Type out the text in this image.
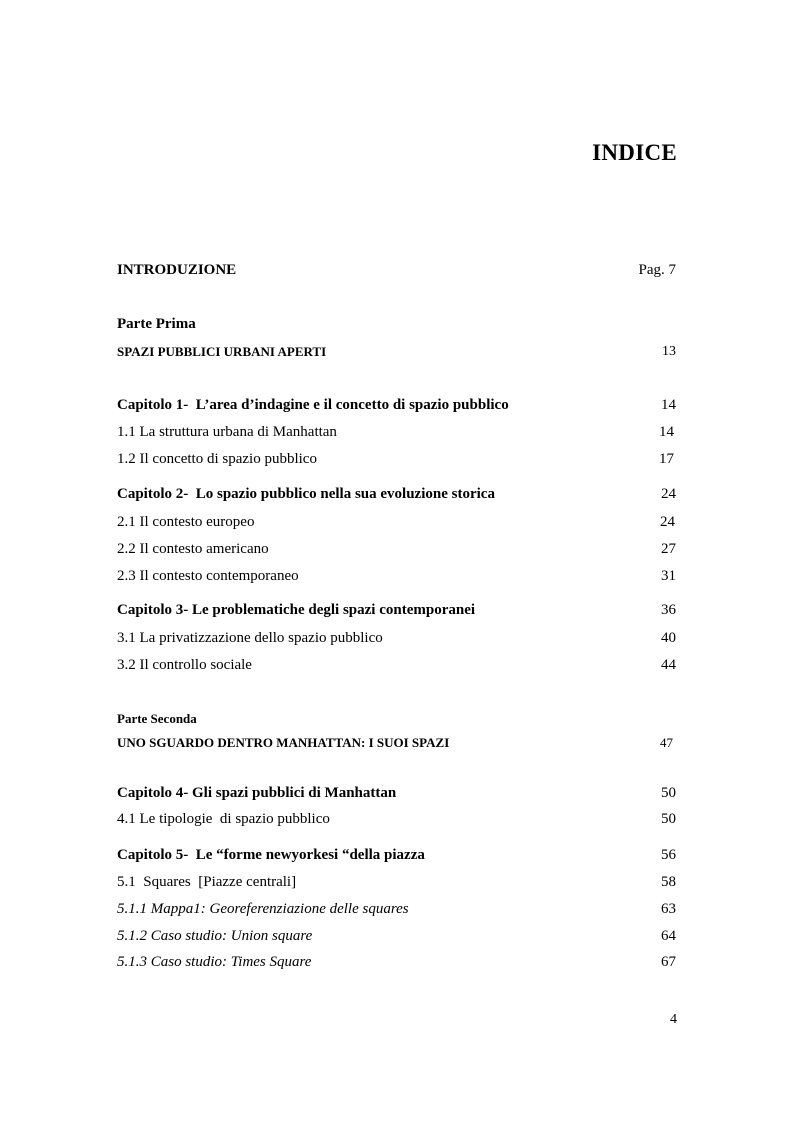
INDICE
INTRODUZIONE	Pag. 7
Parte Prima
SPAZI PUBBLICI URBANI APERTI	13
Capitolo 1-  L’area d’indagine e il concetto di spazio pubblico	14
1.1 La struttura urbana di Manhattan	14
1.2 Il concetto di spazio pubblico	17
Capitolo 2-  Lo spazio pubblico nella sua evoluzione storica	24
2.1 Il contesto europeo	24
2.2 Il contesto americano	27
2.3 Il contesto contemporaneo	31
Capitolo 3- Le problematiche degli spazi contemporanei	36
3.1 La privatizzazione dello spazio pubblico	40
3.2 Il controllo sociale	44
Parte Seconda
UNO SGUARDO DENTRO MANHATTAN: I SUOI SPAZI	47
Capitolo 4- Gli spazi pubblici di Manhattan	50
4.1 Le tipologie  di spazio pubblico	50
Capitolo 5-  Le “forme newyorkesi “della piazza	56
5.1  Squares  [Piazze centrali]	58
5.1.1 Mappa1: Georeferenziazione delle squares	63
5.1.2 Caso studio: Union square	64
5.1.3 Caso studio: Times Square	67
4
